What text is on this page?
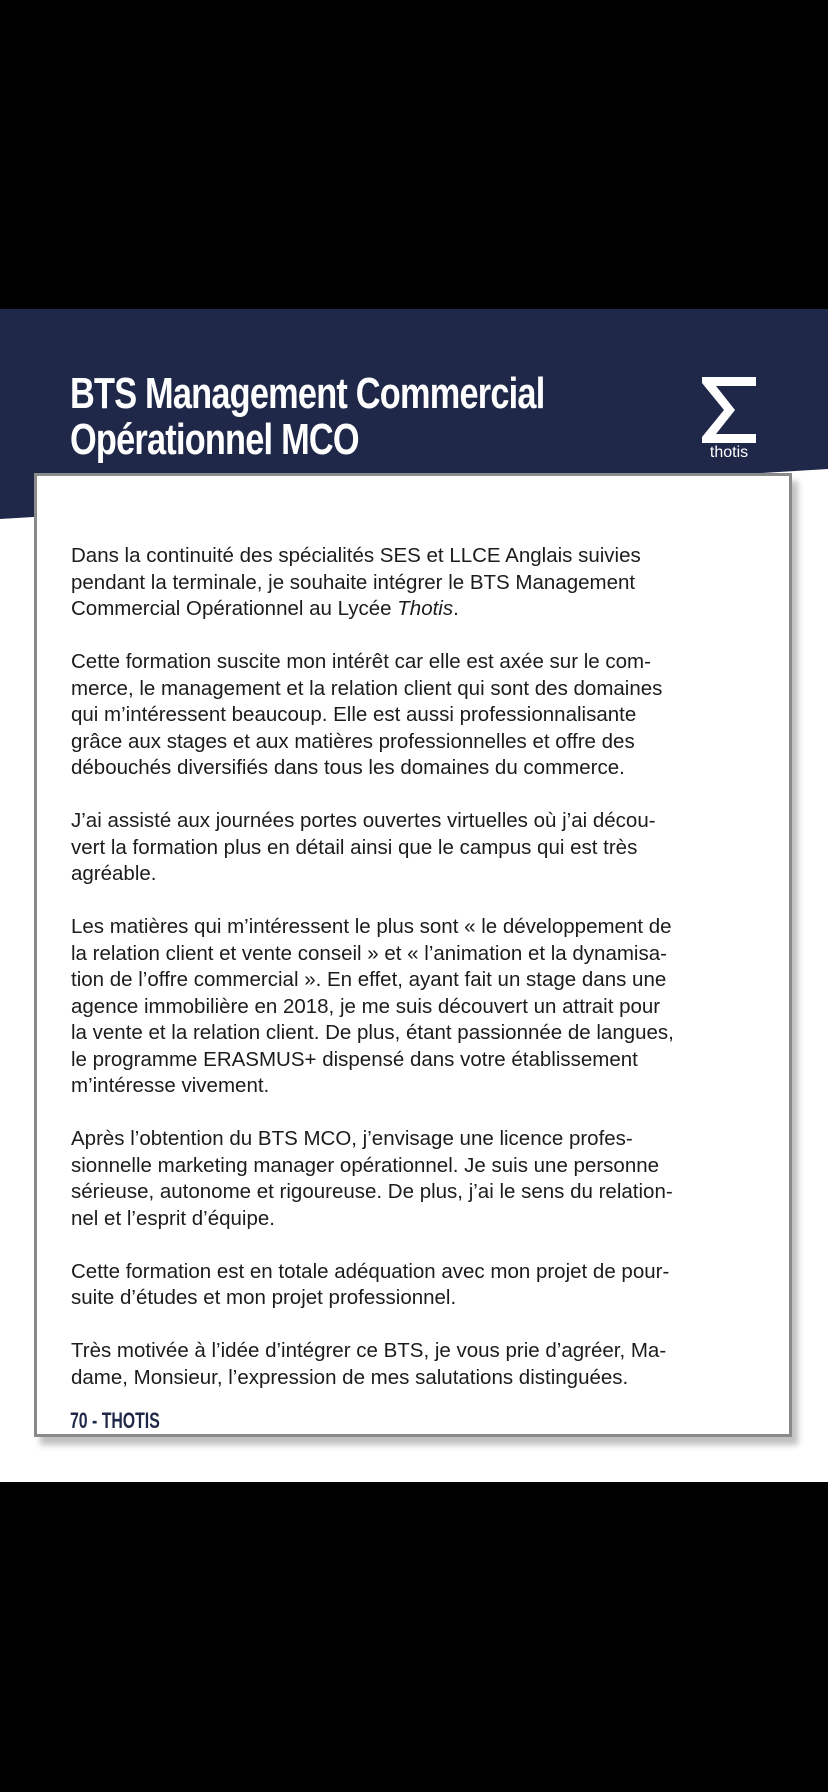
BTS Management Commercial
Opérationnel MCO	thotis

Dans la continuité des spécialités SES et LLCE Anglais suivies
pendant la terminale, je souhaite intégrer le BTS Management
Commercial Opérationnel au Lycée Thotis.

Cette formation suscite mon intérêt car elle est axée sur le com-
merce, le management et la relation client qui sont des domaines
qui m’intéressent beaucoup. Elle est aussi professionnalisante
grâce aux stages et aux matières professionnelles et offre des
débouchés diversifiés dans tous les domaines du commerce.

J’ai assisté aux journées portes ouvertes virtuelles où j’ai décou-
vert la formation plus en détail ainsi que le campus qui est très
agréable.

Les matières qui m’intéressent le plus sont « le développement de
la relation client et vente conseil » et « l’animation et la dynamisa-
tion de l’offre commercial ». En effet, ayant fait un stage dans une
agence immobilière en 2018, je me suis découvert un attrait pour
la vente et la relation client. De plus, étant passionnée de langues,
le programme ERASMUS+ dispensé dans votre établissement
m’intéresse vivement.

Après l’obtention du BTS MCO, j’envisage une licence profes-
sionnelle marketing manager opérationnel. Je suis une personne
sérieuse, autonome et rigoureuse. De plus, j’ai le sens du relation-
nel et l’esprit d’équipe.

Cette formation est en totale adéquation avec mon projet de pour-
suite d’études et mon projet professionnel.

Très motivée à l’idée d’intégrer ce BTS, je vous prie d’agréer, Ma-
dame, Monsieur, l’expression de mes salutations distinguées.

70 - THOTIS
